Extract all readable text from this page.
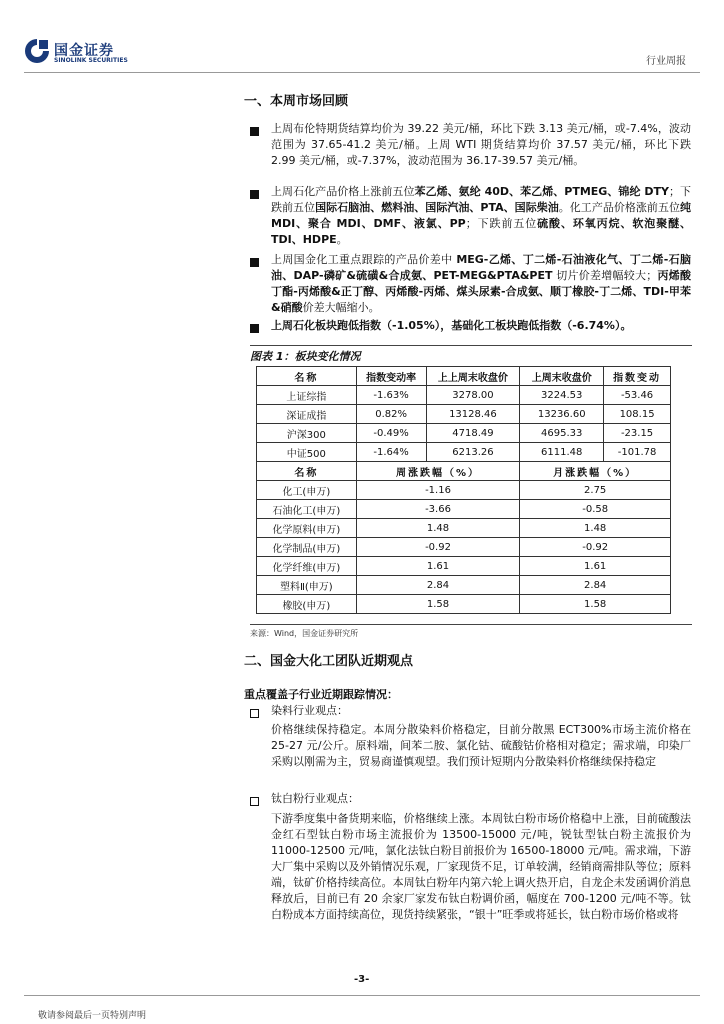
国金证券
SINOLINK SECURITIES	行业周报
一、本周市场回顾
上周布伦特期货结算均价为 39.22 美元/桶，环比下跌 3.13 美元/桶，或-7.4%，波动范围为 37.65-41.2 美元/桶。上周 WTI 期货结算均价 37.57 美元/桶，环比下跌 2.99 美元/桶，或-7.37%，波动范围为 36.17-39.57 美元/桶。
上周石化产品价格上涨前五位苯乙烯、氨纶 40D、苯乙烯、PTMEG、锦纶 DTY；下跌前五位国际石脑油、燃料油、国际汽油、PTA、国际柴油。化工产品价格涨前五位纯 MDI、聚合 MDI、DMF、液氯、PP；下跌前五位硫酸、环氧丙烷、软泡聚醚、TDI、HDPE。
上周国金化工重点跟踪的产品价差中 MEG-乙烯、丁二烯-石油液化气、丁二烯-石脑油、DAP-磷矿&硫磺&合成氨、PET-MEG&PTA&PET 切片价差增幅较大；丙烯酸丁酯-丙烯酸&正丁醇、丙烯酸-丙烯、煤头尿素-合成氨、顺丁橡胶-丁二烯、TDI-甲苯&硝酸价差大幅缩小。
上周石化板块跑低指数（-1.05%），基础化工板块跑低指数（-6.74%）。
图表 1：板块变化情况
名称	指数变动率	上上周末收盘价	上周末收盘价	指数变动
上证综指	-1.63%	3278.00	3224.53	-53.46
深证成指	0.82%	13128.46	13236.60	108.15
沪深300	-0.49%	4718.49	4695.33	-23.15
中证500	-1.64%	6213.26	6111.48	-101.78
名称	周涨跌幅（%）		月涨跌幅（%）	
化工(申万)	-1.16		2.75	
石油化工(申万)	-3.66		-0.58	
化学原料(申万)	1.48		1.48	
化学制品(申万)	-0.92		-0.92	
化学纤维(申万)	1.61		1.61	
塑料Ⅱ(申万)	2.84		2.84	
橡胶(申万)	1.58		1.58	
来源：Wind，国金证券研究所
二、国金大化工团队近期观点
重点覆盖子行业近期跟踪情况：
染料行业观点：
价格继续保持稳定。本周分散染料价格稳定，目前分散黑 ECT300%市场主流价格在 25-27 元/公斤。原料端，间苯二胺、氯化钴、硫酸钴价格相对稳定；需求端，印染厂采购以刚需为主，贸易商谨慎观望。我们预计短期内分散染料价格继续保持稳定
钛白粉行业观点：
下游季度集中备货期来临，价格继续上涨。本周钛白粉市场价格稳中上涨，目前硫酸法金红石型钛白粉市场主流报价为 13500-15000 元/吨，锐钛型钛白粉主流报价为 11000-12500 元/吨，氯化法钛白粉目前报价为 16500-18000 元/吨。需求端，下游大厂集中采购以及外销情况乐观，厂家现货不足，订单较满，经销商需排队等位；原料端，钛矿价格持续高位。本周钛白粉年内第六轮上调火热开启，自龙企未发函调价消息释放后，目前已有 20 余家厂家发布钛白粉调价函，幅度在 700-1200 元/吨不等。钛白粉成本方面持续高位，现货持续紧张，“银十”旺季或将延长，钛白粉市场价格或将
-3-
敬请参阅最后一页特别声明
